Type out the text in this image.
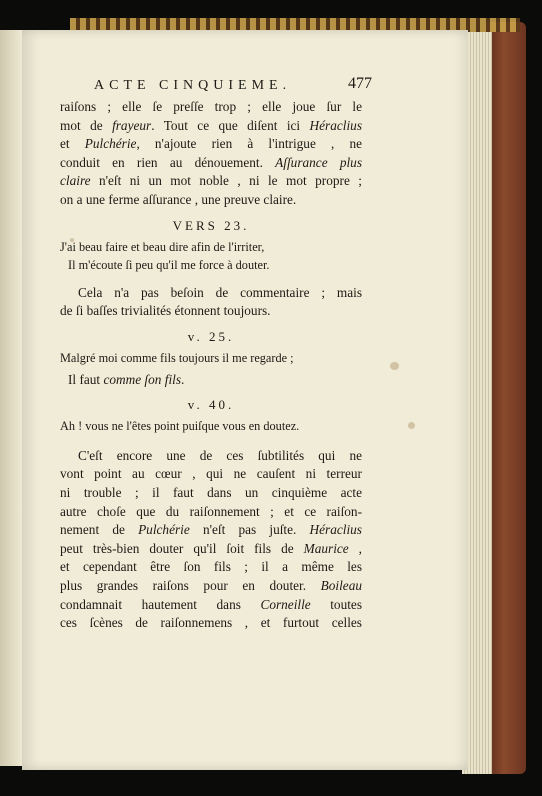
ACTE CINQUIEME.	477
raiſons ; elle ſe preſſe trop ; elle joue ſur le
mot de frayeur. Tout ce que diſent ici Héraclius
et Pulchérie, n'ajoute rien à l'intrigue , ne
conduit en rien au dénouement. Aſſurance plus
claire n'eſt ni un mot noble , ni le mot propre ;
on a une ferme aſſurance , une preuve claire.
VERS 23.
J'ai beau faire et beau dire afin de l'irriter,
Il m'écoute ſi peu qu'il me force à douter.
Cela n'a pas beſoin de commentaire ; mais
de ſi baſſes trivialités étonnent toujours.
v. 25.
Malgré moi comme fils toujours il me regarde ;
Il faut comme ſon fils.
v. 40.
Ah ! vous ne l'êtes point puiſque vous en doutez.
C'eſt encore une de ces ſubtilités qui ne
vont point au cœur , qui ne cauſent ni terreur
ni trouble ; il faut dans un cinquième acte
autre choſe que du raiſonnement ; et ce raiſon-
nement de Pulchérie n'eſt pas juſte. Héraclius
peut très-bien douter qu'il ſoit fils de Maurice ,
et cependant être ſon fils ; il a même les
plus grandes raiſons pour en douter. Boileau
condamnait hautement dans Corneille toutes
ces ſcènes de raiſonnemens , et furtout celles
